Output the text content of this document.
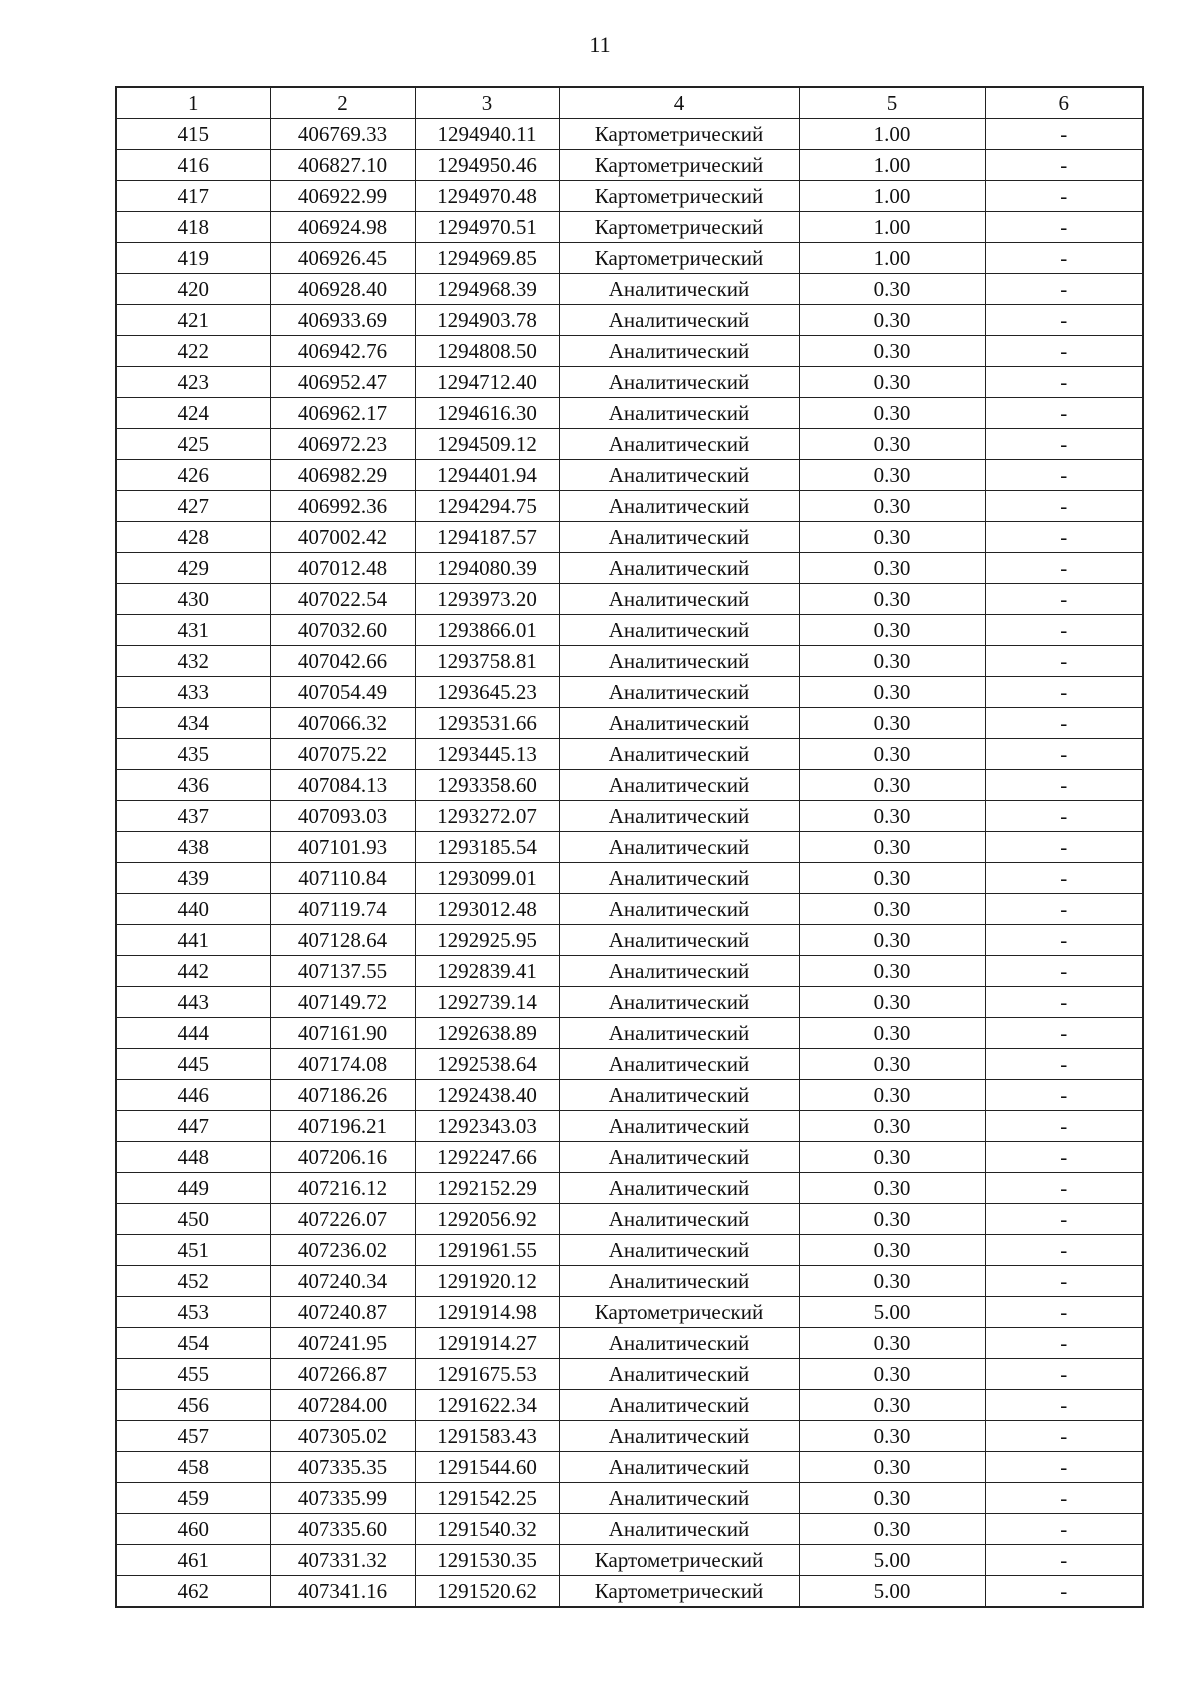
11
1	2	3	4	5	6
415	406769.33	1294940.11	Картометрический	1.00	-
416	406827.10	1294950.46	Картометрический	1.00	-
417	406922.99	1294970.48	Картометрический	1.00	-
418	406924.98	1294970.51	Картометрический	1.00	-
419	406926.45	1294969.85	Картометрический	1.00	-
420	406928.40	1294968.39	Аналитический	0.30	-
421	406933.69	1294903.78	Аналитический	0.30	-
422	406942.76	1294808.50	Аналитический	0.30	-
423	406952.47	1294712.40	Аналитический	0.30	-
424	406962.17	1294616.30	Аналитический	0.30	-
425	406972.23	1294509.12	Аналитический	0.30	-
426	406982.29	1294401.94	Аналитический	0.30	-
427	406992.36	1294294.75	Аналитический	0.30	-
428	407002.42	1294187.57	Аналитический	0.30	-
429	407012.48	1294080.39	Аналитический	0.30	-
430	407022.54	1293973.20	Аналитический	0.30	-
431	407032.60	1293866.01	Аналитический	0.30	-
432	407042.66	1293758.81	Аналитический	0.30	-
433	407054.49	1293645.23	Аналитический	0.30	-
434	407066.32	1293531.66	Аналитический	0.30	-
435	407075.22	1293445.13	Аналитический	0.30	-
436	407084.13	1293358.60	Аналитический	0.30	-
437	407093.03	1293272.07	Аналитический	0.30	-
438	407101.93	1293185.54	Аналитический	0.30	-
439	407110.84	1293099.01	Аналитический	0.30	-
440	407119.74	1293012.48	Аналитический	0.30	-
441	407128.64	1292925.95	Аналитический	0.30	-
442	407137.55	1292839.41	Аналитический	0.30	-
443	407149.72	1292739.14	Аналитический	0.30	-
444	407161.90	1292638.89	Аналитический	0.30	-
445	407174.08	1292538.64	Аналитический	0.30	-
446	407186.26	1292438.40	Аналитический	0.30	-
447	407196.21	1292343.03	Аналитический	0.30	-
448	407206.16	1292247.66	Аналитический	0.30	-
449	407216.12	1292152.29	Аналитический	0.30	-
450	407226.07	1292056.92	Аналитический	0.30	-
451	407236.02	1291961.55	Аналитический	0.30	-
452	407240.34	1291920.12	Аналитический	0.30	-
453	407240.87	1291914.98	Картометрический	5.00	-
454	407241.95	1291914.27	Аналитический	0.30	-
455	407266.87	1291675.53	Аналитический	0.30	-
456	407284.00	1291622.34	Аналитический	0.30	-
457	407305.02	1291583.43	Аналитический	0.30	-
458	407335.35	1291544.60	Аналитический	0.30	-
459	407335.99	1291542.25	Аналитический	0.30	-
460	407335.60	1291540.32	Аналитический	0.30	-
461	407331.32	1291530.35	Картометрический	5.00	-
462	407341.16	1291520.62	Картометрический	5.00	-
